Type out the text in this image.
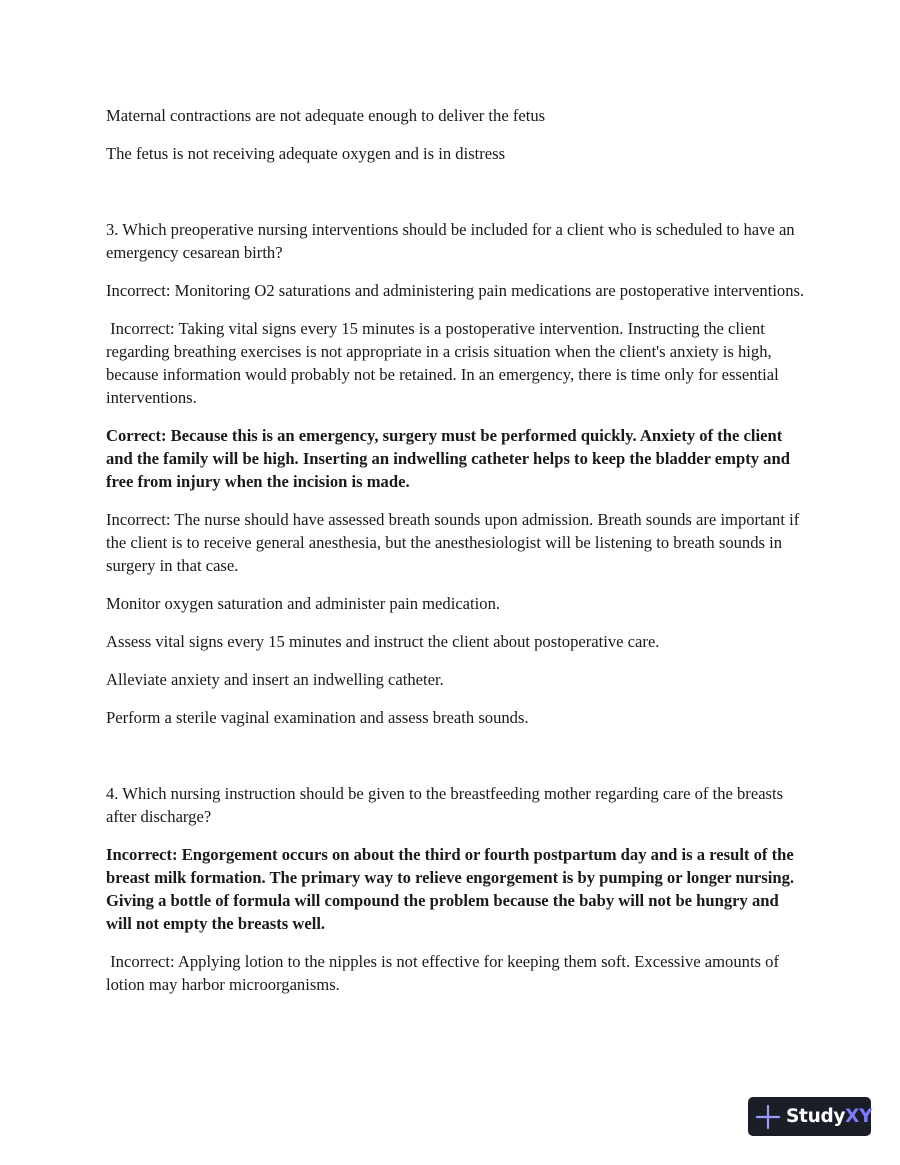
Maternal contractions are not adequate enough to deliver the fetus

The fetus is not receiving adequate oxygen and is in distress

3. Which preoperative nursing interventions should be included for a client who is scheduled to have an emergency cesarean birth?

Incorrect: Monitoring O2 saturations and administering pain medications are postoperative interventions.

Incorrect: Taking vital signs every 15 minutes is a postoperative intervention. Instructing the client regarding breathing exercises is not appropriate in a crisis situation when the client's anxiety is high, because information would probably not be retained. In an emergency, there is time only for essential interventions.

Correct: Because this is an emergency, surgery must be performed quickly. Anxiety of the client and the family will be high. Inserting an indwelling catheter helps to keep the bladder empty and free from injury when the incision is made.

Incorrect: The nurse should have assessed breath sounds upon admission. Breath sounds are important if the client is to receive general anesthesia, but the anesthesiologist will be listening to breath sounds in surgery in that case.

Monitor oxygen saturation and administer pain medication.

Assess vital signs every 15 minutes and instruct the client about postoperative care.

Alleviate anxiety and insert an indwelling catheter.

Perform a sterile vaginal examination and assess breath sounds.

4. Which nursing instruction should be given to the breastfeeding mother regarding care of the breasts after discharge?

Incorrect: Engorgement occurs on about the third or fourth postpartum day and is a result of the breast milk formation. The primary way to relieve engorgement is by pumping or longer nursing. Giving a bottle of formula will compound the problem because the baby will not be hungry and will not empty the breasts well.

Incorrect: Applying lotion to the nipples is not effective for keeping them soft. Excessive amounts of lotion may harbor microorganisms.

StudyXY
